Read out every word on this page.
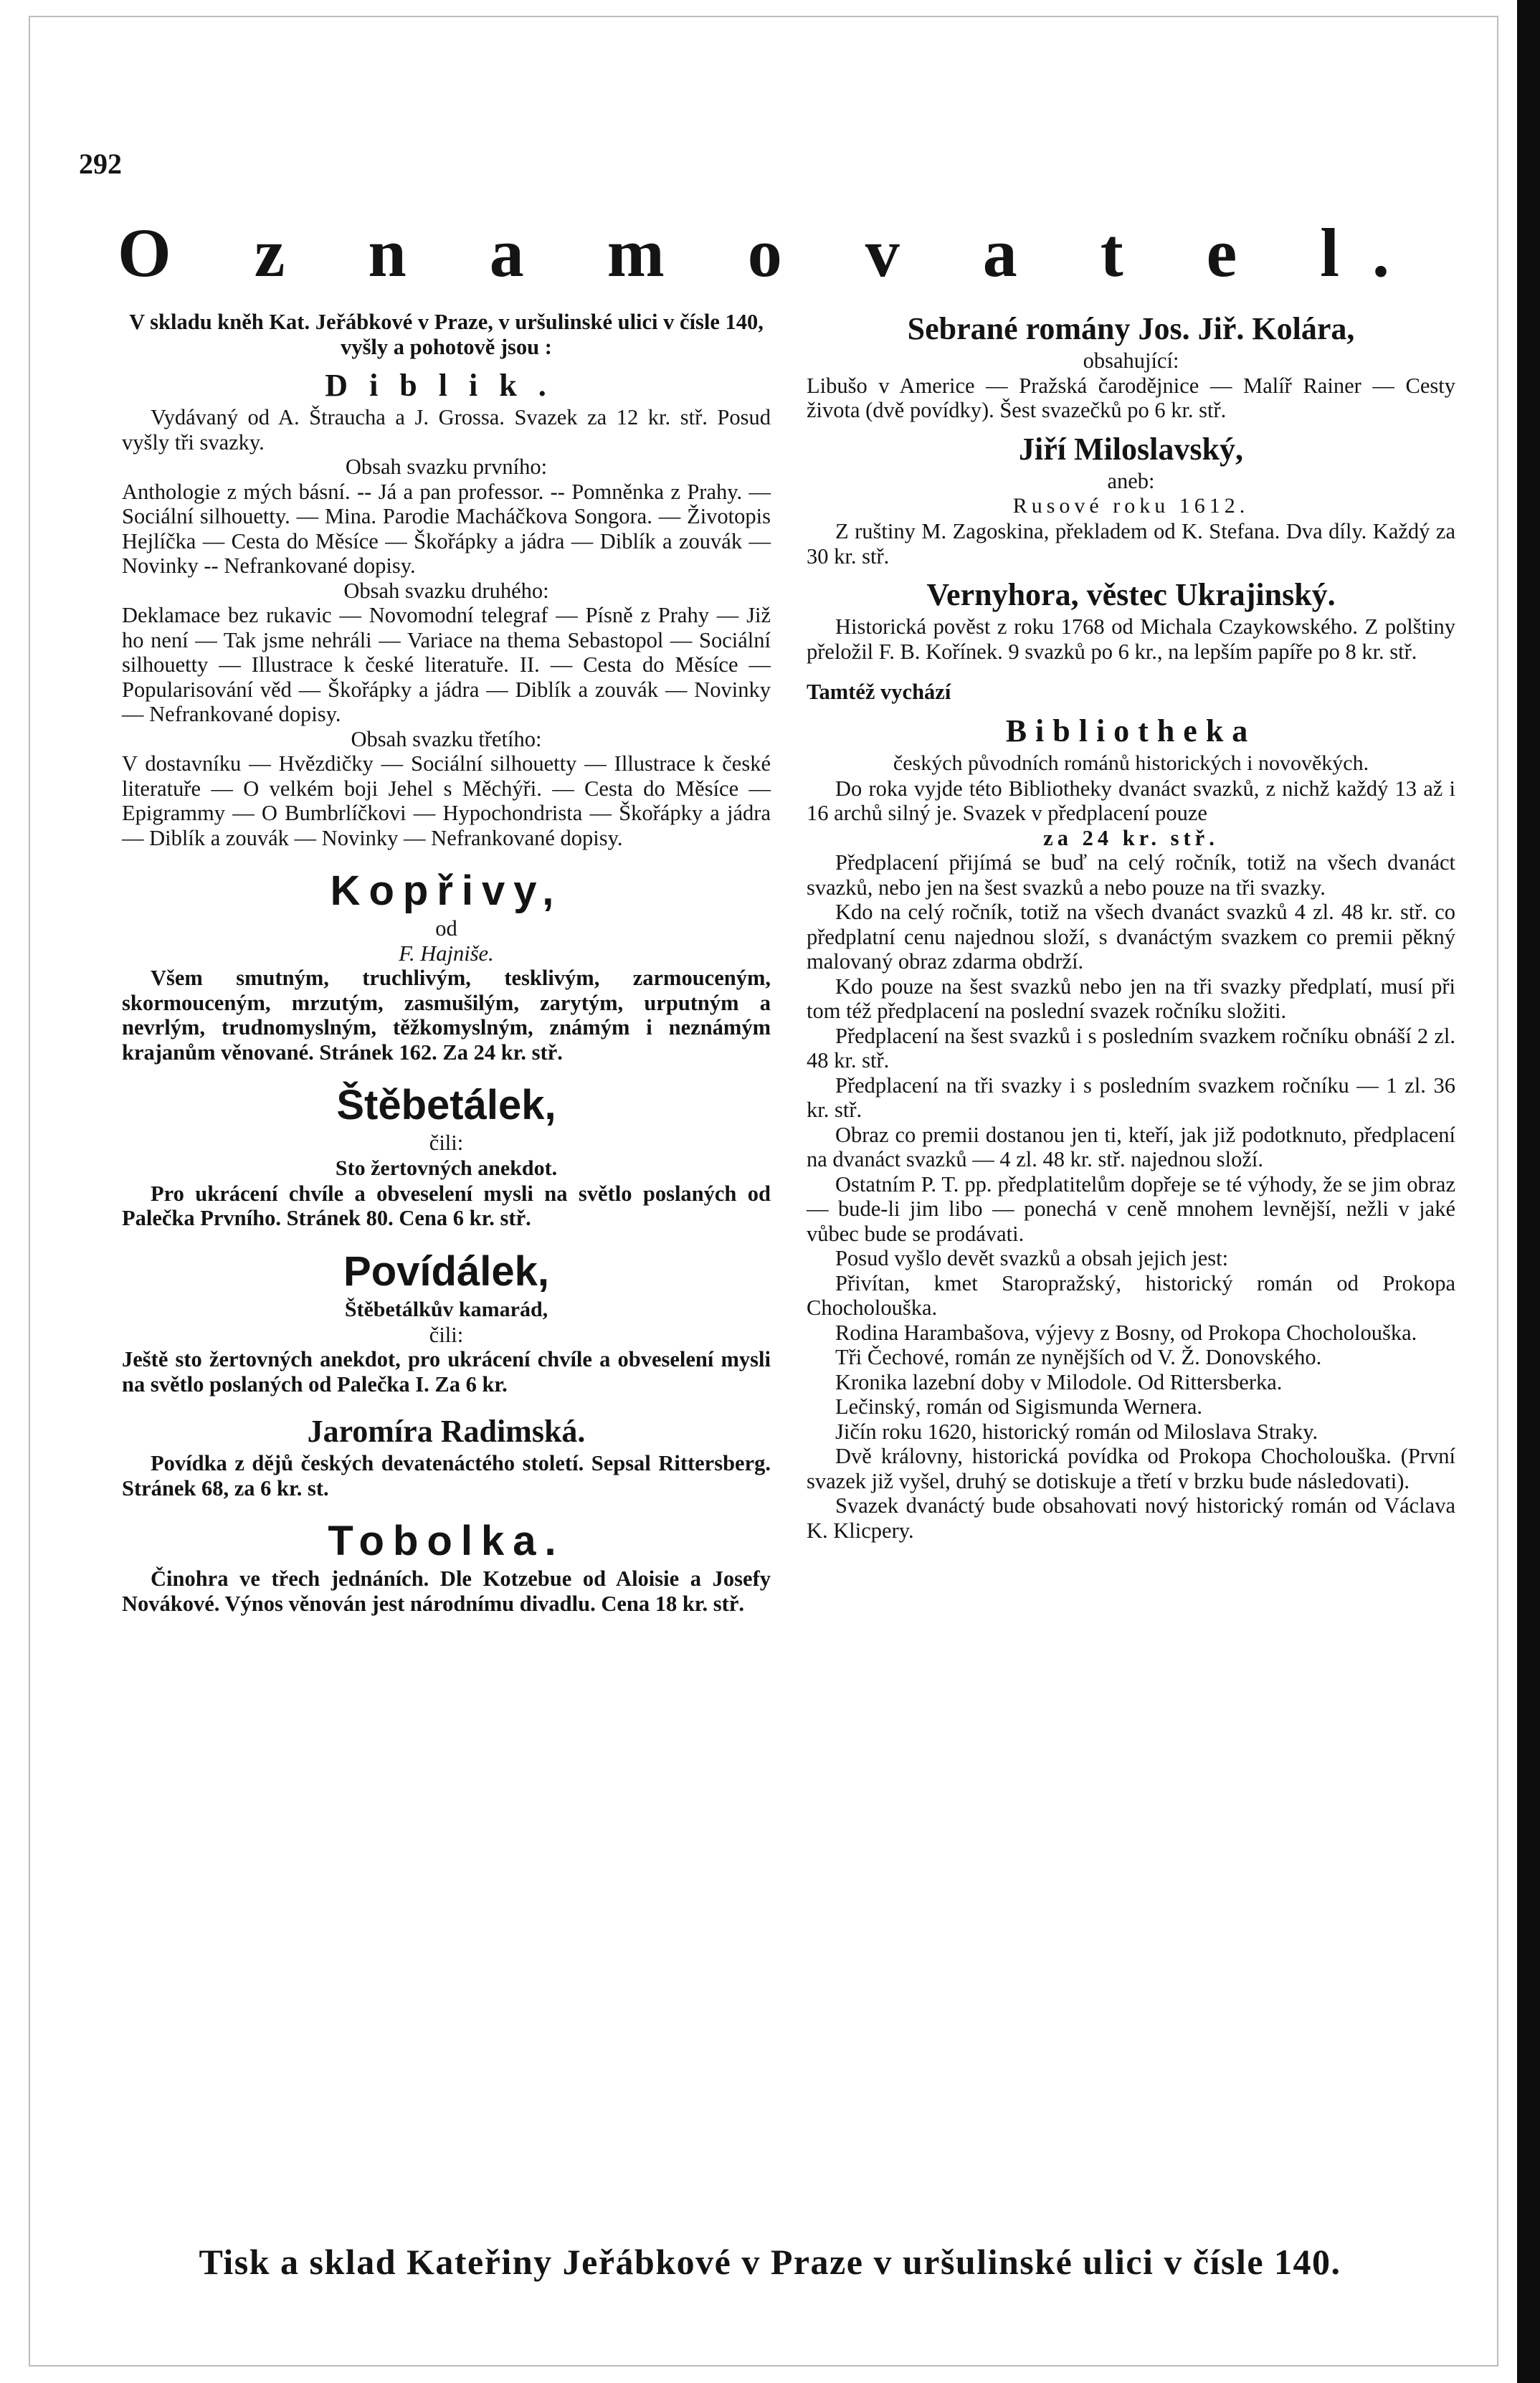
292

O z n a m o v a t e l.

V skladu kněh Kat. Jeřábkové v Praze, v uršulinské ulici v čísle 140, vyšly a pohotově jsou :

Diblik.

Vydávaný od A. Štraucha a J. Grossa. Svazek za 12 kr. stř. Posud vyšly tři svazky.

Obsah svazku prvního:

Anthologie z mých básní. -- Já a pan professor. -- Pomněnka z Prahy. — Sociální silhouetty. — Mina. Parodie Macháčkova Songora. — Životopis Hejlíčka — Cesta do Měsíce — Škořápky a jádra — Diblík a zouvák — Novinky -- Nefrankované dopisy.

Obsah svazku druhého:

Deklamace bez rukavic — Novomodní telegraf — Písně z Prahy — Již ho není — Tak jsme nehráli — Variace na thema Sebastopol — Sociální silhouetty — Illustrace k české literatuře. II. — Cesta do Měsíce — Popularisování věd — Škořápky a jádra — Diblík a zouvák — Novinky — Nefrankované dopisy.

Obsah svazku třetího:

V dostavníku — Hvězdičky — Sociální silhouetty — Illustrace k české literatuře — O velkém boji Jehel s Měchýři. — Cesta do Měsíce — Epigrammy — O Bumbrlíčkovi — Hypochondrista — Škořápky a jádra — Diblík a zouvák — Novinky — Nefrankované dopisy.

Kopřivy,

od

F. Hajniše.

Všem smutným, truchlivým, tesklivým, zarmouceným, skormouceným, mrzutým, zasmušilým, zarytým, urputným a nevrlým, trudnomyslným, těžkomyslným, známým i neznámým krajanům věnované. Stránek 162. Za 24 kr. stř.

Štěbetálek,

čili:

Sto žertovných anekdot.

Pro ukrácení chvíle a obveselení mysli na světlo poslaných od Palečka Prvního. Stránek 80. Cena 6 kr. stř.

Povídálek,

Štěbetálkův kamarád,

čili:

Ještě sto žertovných anekdot, pro ukrácení chvíle a obveselení mysli na světlo poslaných od Palečka I. Za 6 kr.

Jaromíra Radimská.

Povídka z dějů českých devatenáctého století. Sepsal Rittersberg. Stránek 68, za 6 kr. st.

Tobolka.

Činohra ve třech jednáních. Dle Kotzebue od Aloisie a Josefy Novákové. Výnos věnován jest národnímu divadlu. Cena 18 kr. stř.

Sebrané romány Jos. Jiř. Kolára,

obsahující:

Libušo v Americe — Pražská čarodějnice — Malíř Rainer — Cesty života (dvě povídky). Šest svazečků po 6 kr. stř.

Jiří Miloslavský,

aneb:

Rusové roku 1612.

Z ruštiny M. Zagoskina, překladem od K. Stefana. Dva díly. Každý za 30 kr. stř.

Vernyhora, věstec Ukrajinský.

Historická pověst z roku 1768 od Michala Czaykowského. Z polštiny přeložil F. B. Kořínek. 9 svazků po 6 kr., na lepším papíře po 8 kr. stř.

Tamtéž vychází

Bibliotheka

českých původních románů historických i novověkých.

Do roka vyjde této Bibliotheky dvanáct svazků, z nichž každý 13 až i 16 archů silný je. Svazek v předplacení pouze

za 24 kr. stř.

Předplacení přijímá se buď na celý ročník, totiž na všech dvanáct svazků, nebo jen na šest svazků a nebo pouze na tři svazky.

Kdo na celý ročník, totiž na všech dvanáct svazků 4 zl. 48 kr. stř. co předplatní cenu najednou složí, s dvanáctým svazkem co premii pěkný malovaný obraz zdarma obdrží.

Kdo pouze na šest svazků nebo jen na tři svazky předplatí, musí při tom též předplacení na poslední svazek ročníku složiti.

Předplacení na šest svazků i s posledním svazkem ročníku obnáší 2 zl. 48 kr. stř.

Předplacení na tři svazky i s posledním svazkem ročníku — 1 zl. 36 kr. stř.

Obraz co premii dostanou jen ti, kteří, jak již podotknuto, předplacení na dvanáct svazků — 4 zl. 48 kr. stř. najednou složí.

Ostatním P. T. pp. předplatitelům dopřeje se té výhody, že se jim obraz — bude-li jim libo — ponechá v ceně mnohem levnější, nežli v jaké vůbec bude se prodávati.

Posud vyšlo devět svazků a obsah jejich jest:

Přivítan, kmet Staropražský, historický román od Prokopa Chocholouška.

Rodina Harambašova, výjevy z Bosny, od Prokopa Chocholouška.

Tři Čechové, román ze nynějších od V. Ž. Donovského.

Kronika lazební doby v Milodole. Od Rittersberka.

Lečinský, román od Sigismunda Wernera.

Jičín roku 1620, historický román od Miloslava Straky.

Dvě královny, historická povídka od Prokopa Chocholouška. (První svazek již vyšel, druhý se dotiskuje a třetí v brzku bude následovati).

Svazek dvanáctý bude obsahovati nový historický román od Václava K. Klicpery.

Tisk a sklad Kateřiny Jeřábkové v Praze v uršulinské ulici v čísle 140.
